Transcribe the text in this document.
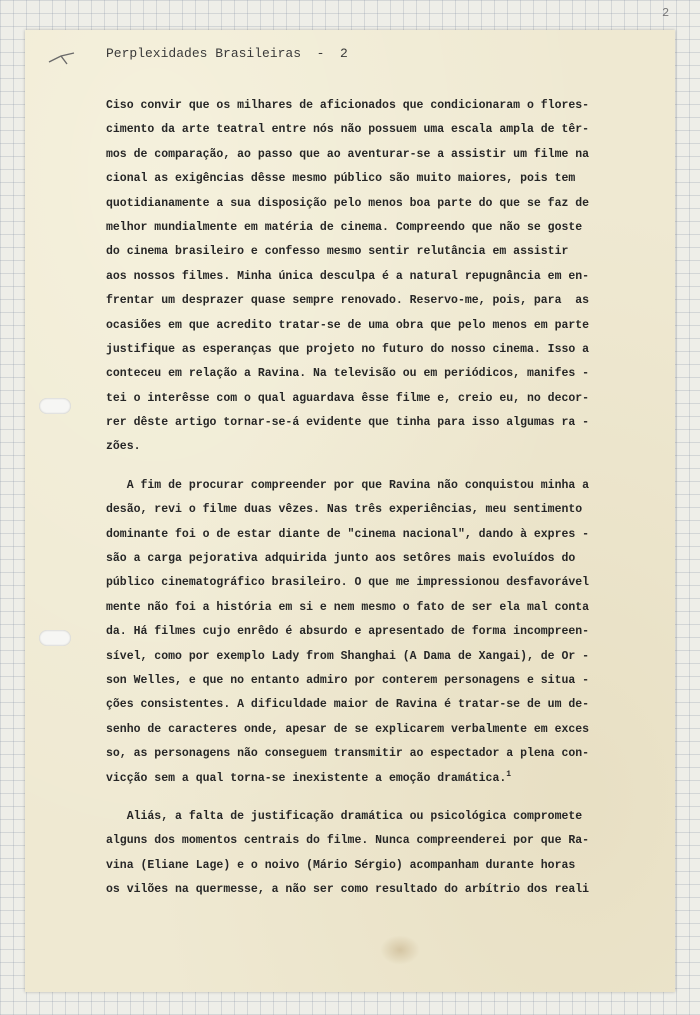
Perplexidades Brasileiras  -  2
Ciso convir que os milhares de aficionados que condicionaram o flores-
cimento da arte teatral entre nós não possuem uma escala ampla de têr-
mos de comparação, ao passo que ao aventurar-se a assistir um filme na
cional as exigências dêsse mesmo público são muito maiores, pois tem
quotidianamente a sua disposição pelo menos boa parte do que se faz de
melhor mundialmente em matéria de cinema. Compreendo que não se goste
do cinema brasileiro e confesso mesmo sentir relutância em assistir
aos nossos filmes. Minha única desculpa é a natural repugnância em en-
frentar um desprazer quase sempre renovado. Reservo-me, pois, para  as
ocasiões em que acredito tratar-se de uma obra que pelo menos em parte
justifique as esperanças que projeto no futuro do nosso cinema. Isso a
conteceu em relação a Ravina. Na televisão ou em periódicos, manifes -
tei o interêsse com o qual aguardava êsse filme e, creio eu, no decor-
rer dêste artigo tornar-se-á evidente que tinha para isso algumas ra -
zões.
A fim de procurar compreender por que Ravina não conquistou minha a
desão, revi o filme duas vêzes. Nas três experiências, meu sentimento
dominante foi o de estar diante de "cinema nacional", dando à expres -
são a carga pejorativa adquirida junto aos setôres mais evoluídos do
público cinematográfico brasileiro. O que me impressionou desfavorável
mente não foi a história em si e nem mesmo o fato de ser ela mal conta
da. Há filmes cujo enrêdo é absurdo e apresentado de forma incompreen-
sível, como por exemplo Lady from Shanghai (A Dama de Xangai), de Or -
son Welles, e que no entanto admiro por conterem personagens e situa -
ções consistentes. A dificuldade maior de Ravina é tratar-se de um de-
senho de caracteres onde, apesar de se explicarem verbalmente em exces
so, as personagens não conseguem transmitir ao espectador a plena con-
vicção sem a qual torna-se inexistente a emoção dramática.$^1$
Aliás, a falta de justificação dramática ou psicológica compromete
alguns dos momentos centrais do filme. Nunca compreenderei por que Ra-
vina (Eliane Lage) e o noivo (Mário Sérgio) acompanham durante horas
os vilões na quermesse, a não ser como resultado do arbítrio dos reali
2
